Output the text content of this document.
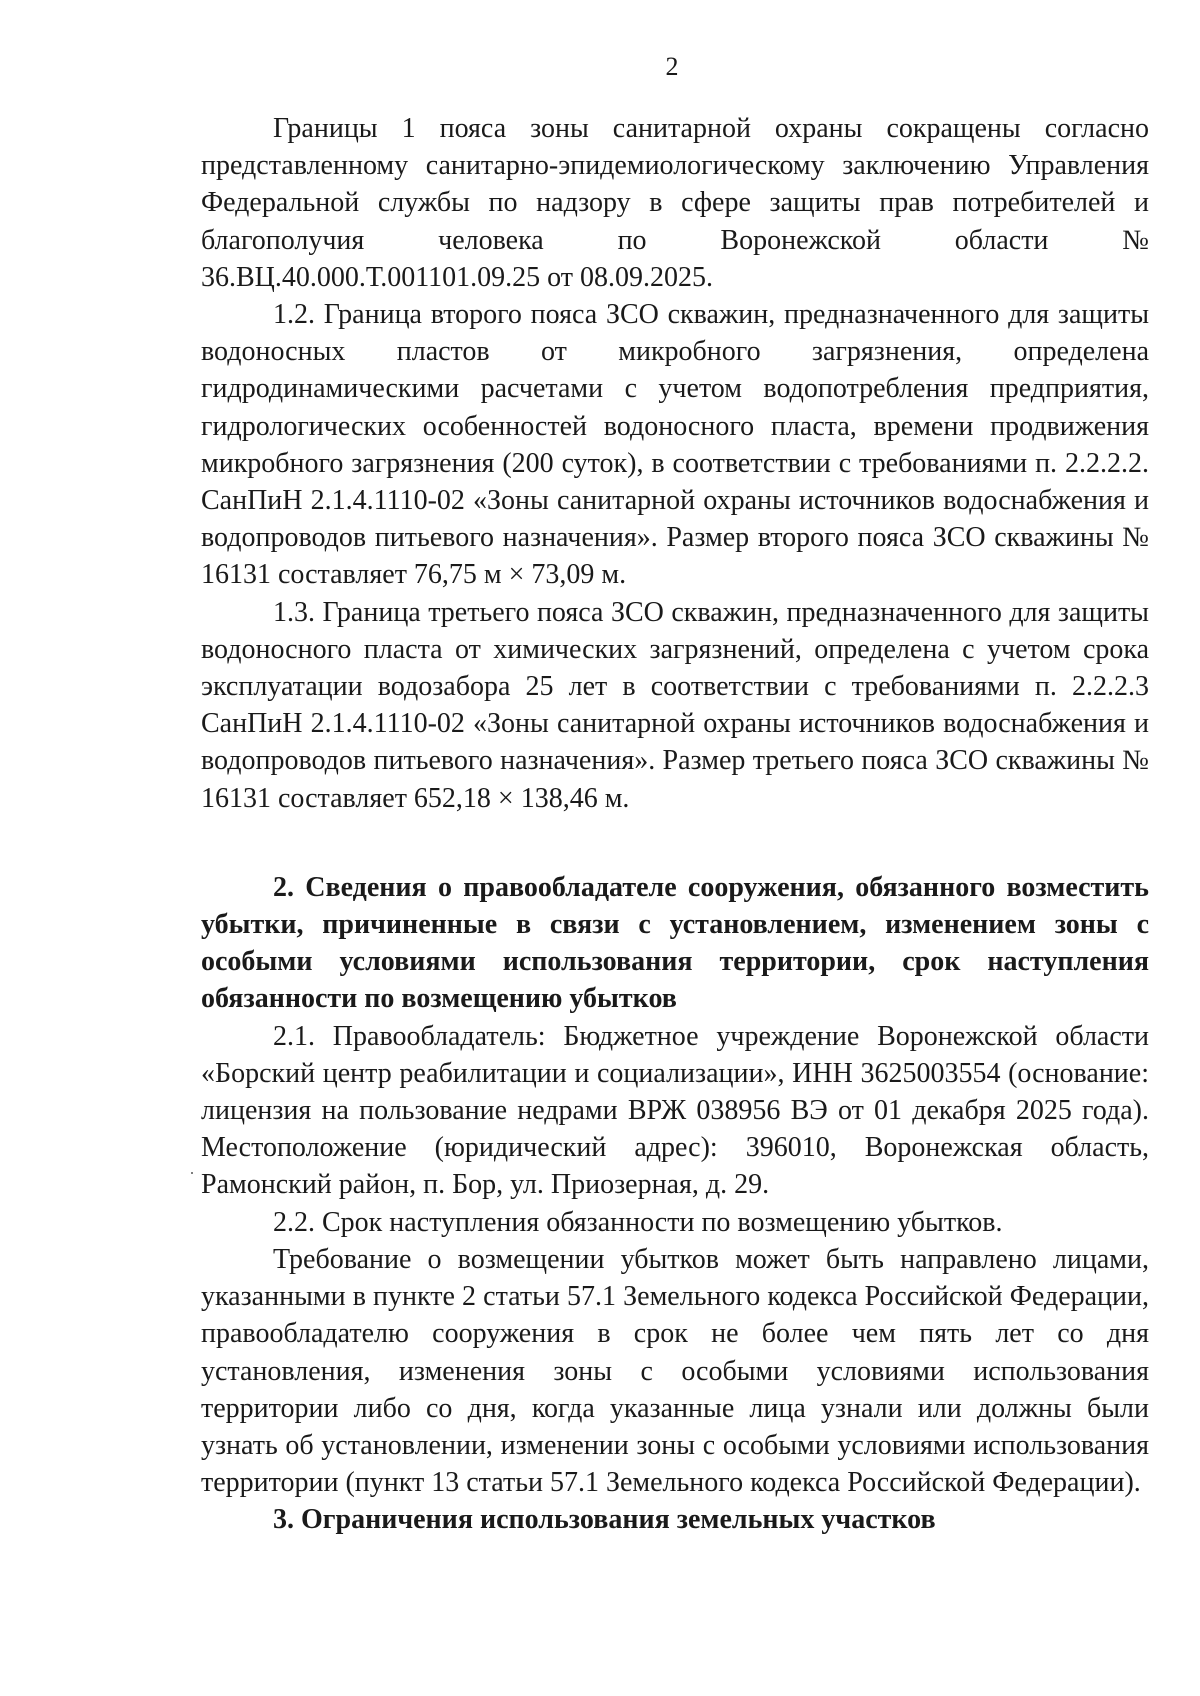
2

Границы 1 пояса зоны санитарной охраны сокращены согласно представленному санитарно-эпидемиологическому заключению Управления Федеральной службы по надзору в сфере защиты прав потребителей и благополучия человека по Воронежской области № 36.ВЦ.40.000.Т.001101.09.25 от 08.09.2025.

1.2. Граница второго пояса ЗСО скважин, предназначенного для защиты водоносных пластов от микробного загрязнения, определена гидродинамическими расчетами с учетом водопотребления предприятия, гидрологических особенностей водоносного пласта, времени продвижения микробного загрязнения (200 суток), в соответствии с требованиями п. 2.2.2.2. СанПиН 2.1.4.1110-02 «Зоны санитарной охраны источников водоснабжения и водопроводов питьевого назначения». Размер второго пояса ЗСО скважины № 16131 составляет 76,75 м × 73,09 м.

1.3. Граница третьего пояса ЗСО скважин, предназначенного для защиты водоносного пласта от химических загрязнений, определена с учетом срока эксплуатации водозабора 25 лет в соответствии с требованиями п. 2.2.2.3 СанПиН 2.1.4.1110-02 «Зоны санитарной охраны источников водоснабжения и водопроводов питьевого назначения». Размер третьего пояса ЗСО скважины № 16131 составляет 652,18 × 138,46 м.

2. Сведения о правообладателе сооружения, обязанного возместить убытки, причиненные в связи с установлением, изменением зоны с особыми условиями использования территории, срок наступления обязанности по возмещению убытков

2.1. Правообладатель: Бюджетное учреждение Воронежской области «Борский центр реабилитации и социализации», ИНН 3625003554 (основание: лицензия на пользование недрами ВРЖ 038956 ВЭ от 01 декабря 2025 года). Местоположение (юридический адрес): 396010, Воронежская область, Рамонский район, п. Бор, ул. Приозерная, д. 29.

2.2. Срок наступления обязанности по возмещению убытков.

Требование о возмещении убытков может быть направлено лицами, указанными в пункте 2 статьи 57.1 Земельного кодекса Российской Федерации, правообладателю сооружения в срок не более чем пять лет со дня установления, изменения зоны с особыми условиями использования территории либо со дня, когда указанные лица узнали или должны были узнать об установлении, изменении зоны с особыми условиями использования территории (пункт 13 статьи 57.1 Земельного кодекса Российской Федерации).

3. Ограничения использования земельных участков
